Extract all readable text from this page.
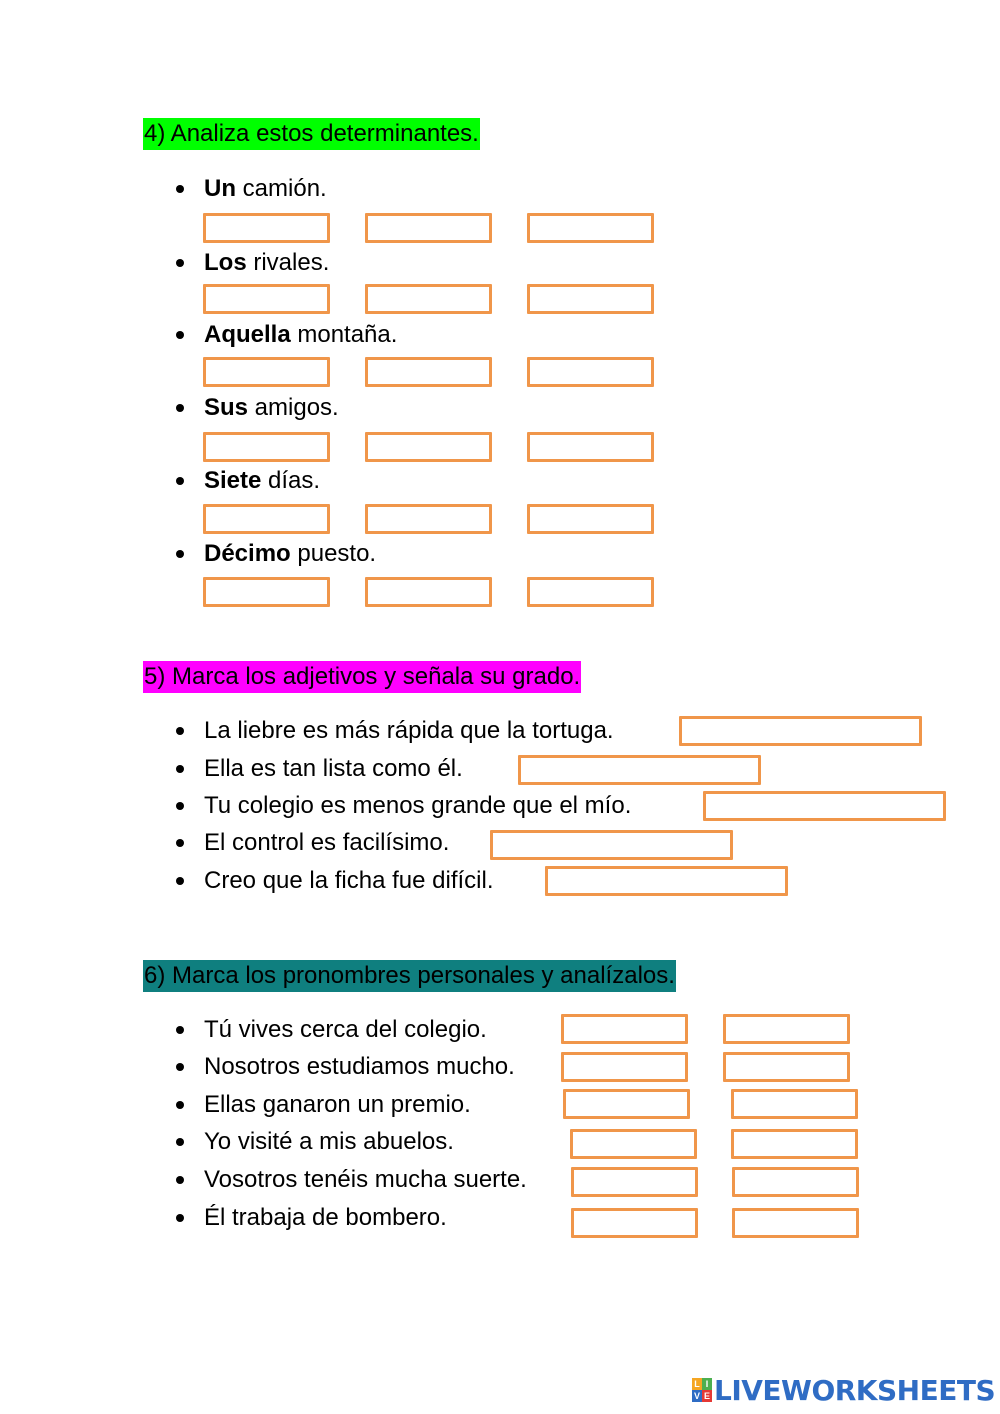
4) Analiza estos determinantes.
Un camión.
Los rivales.
Aquella montaña.
Sus amigos.
Siete días.
Décimo puesto.
5) Marca los adjetivos y señala su grado.
La liebre es más rápida que la tortuga.
Ella es tan lista como él.
Tu colegio es menos grande que el mío.
El control es facilísimo.
Creo que la ficha fue difícil.
6) Marca los pronombres personales y analízalos.
Tú vives cerca del colegio.
Nosotros estudiamos mucho.
Ellas ganaron un premio.
Yo visité a mis abuelos.
Vosotros tenéis mucha suerte.
Él trabaja de bombero.
L I
V E LIVEWORKSHEETS
